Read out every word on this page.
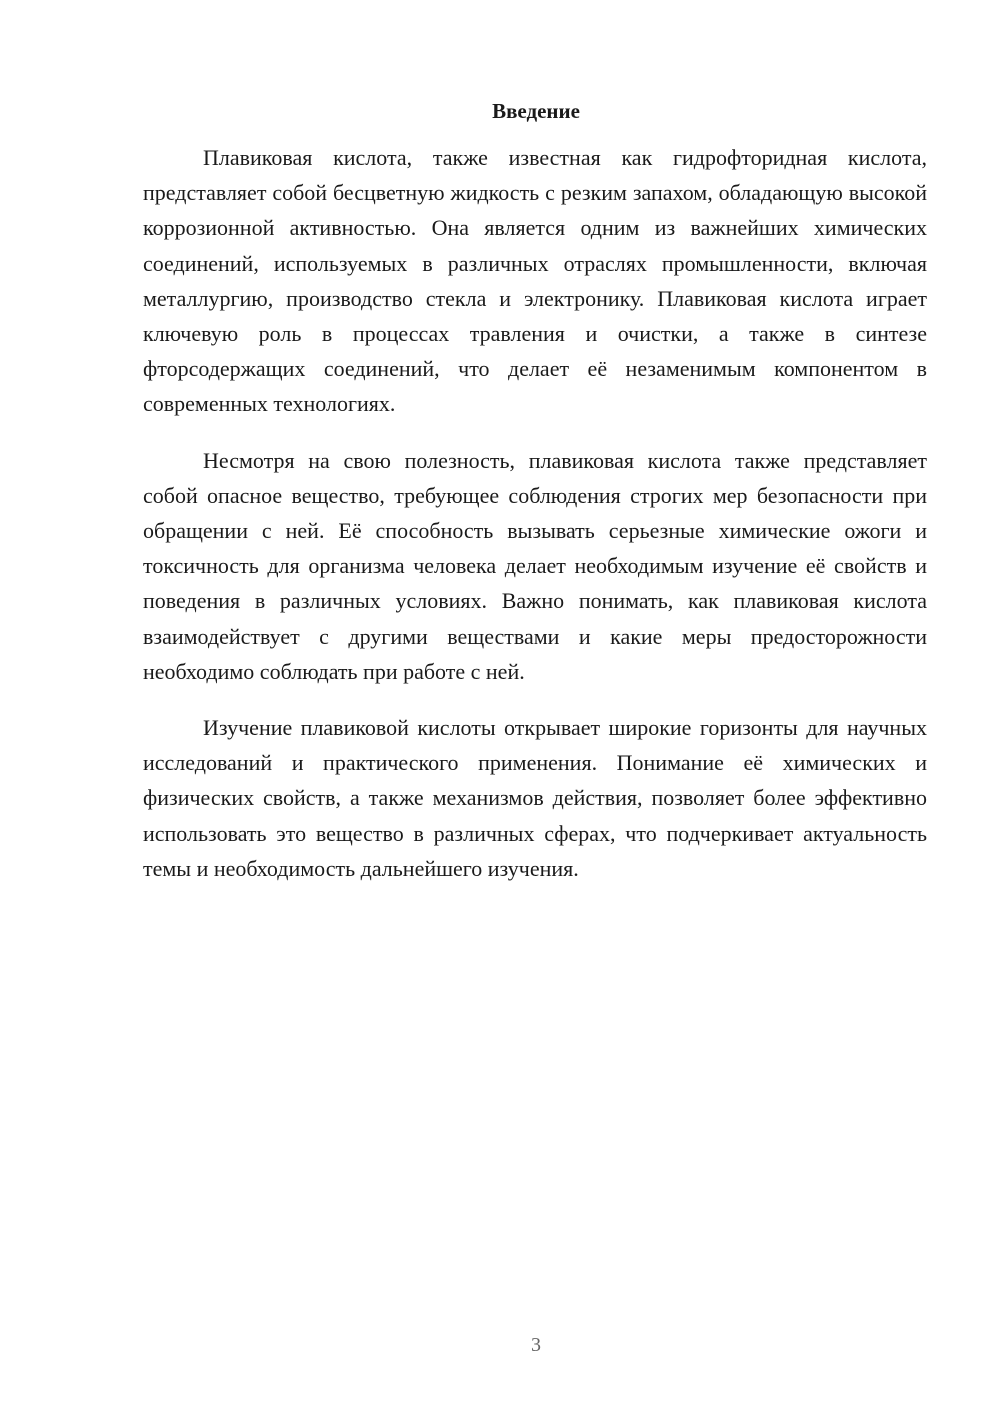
Введение

Плавиковая кислота, также известная как гидрофторидная кислота, представляет собой бесцветную жидкость с резким запахом, обладающую высокой коррозионной активностью. Она является одним из важнейших химических соединений, используемых в различных отраслях промышленности, включая металлургию, производство стекла и электронику. Плавиковая кислота играет ключевую роль в процессах травления и очистки, а также в синтезе фторсодержащих соединений, что делает её незаменимым компонентом в современных технологиях.

Несмотря на свою полезность, плавиковая кислота также представляет собой опасное вещество, требующее соблюдения строгих мер безопасности при обращении с ней. Её способность вызывать серьезные химические ожоги и токсичность для организма человека делает необходимым изучение её свойств и поведения в различных условиях. Важно понимать, как плавиковая кислота взаимодействует с другими веществами и какие меры предосторожности необходимо соблюдать при работе с ней.

Изучение плавиковой кислоты открывает широкие горизонты для научных исследований и практического применения. Понимание её химических и физических свойств, а также механизмов действия, позволяет более эффективно использовать это вещество в различных сферах, что подчеркивает актуальность темы и необходимость дальнейшего изучения.

3
